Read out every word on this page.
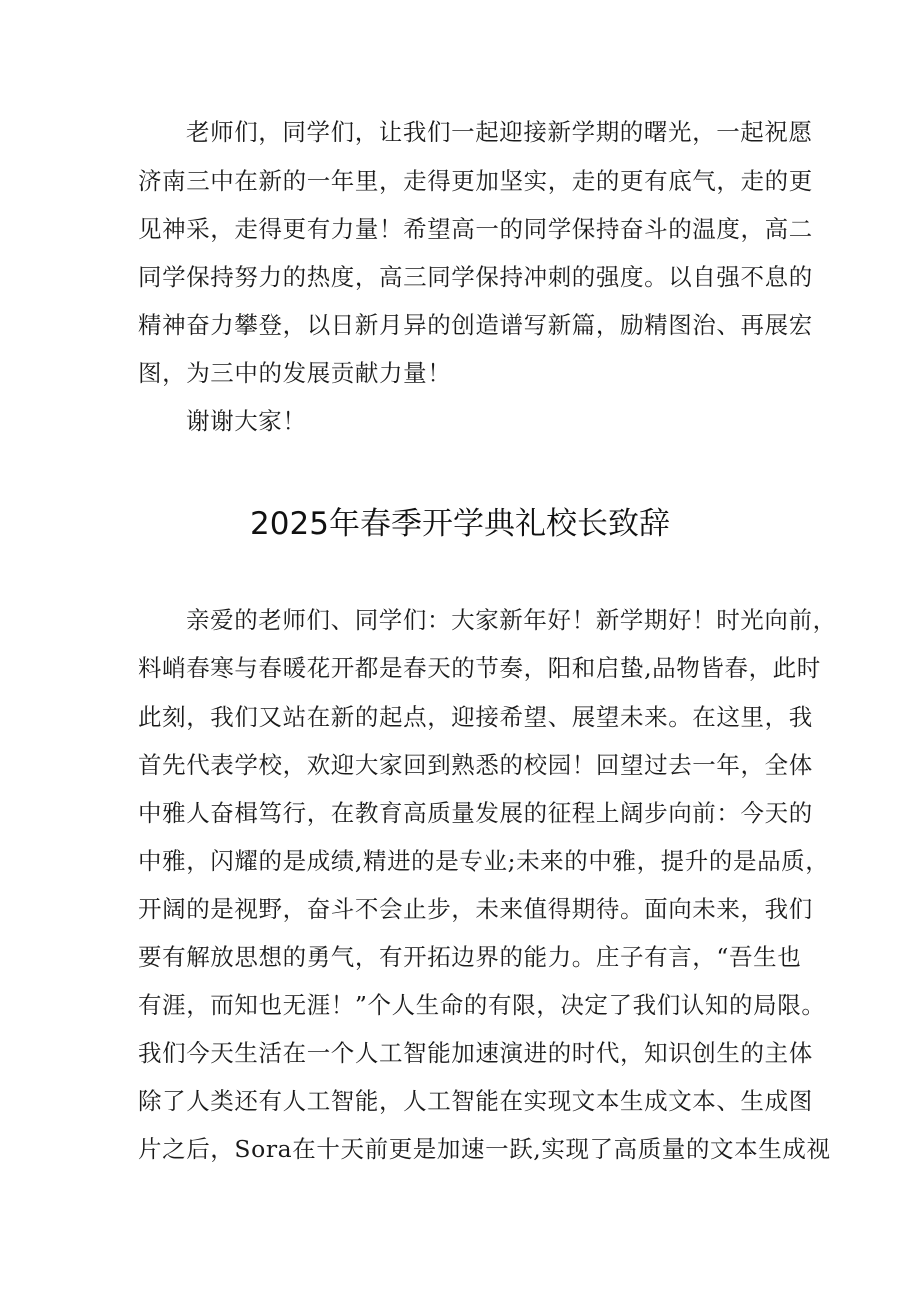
老师们，同学们，让我们一起迎接新学期的曙光，一起祝愿
济南三中在新的一年里，走得更加坚实，走的更有底气，走的更
见神采，走得更有力量！希望高一的同学保持奋斗的温度，高二
同学保持努力的热度，高三同学保持冲刺的强度。以自强不息的
精神奋力攀登，以日新月异的创造谱写新篇，励精图治、再展宏
图，为三中的发展贡献力量！
谢谢大家！
2025年春季开学典礼校长致辞
亲爱的老师们、同学们：大家新年好！新学期好！时光向前，
料峭春寒与春暖花开都是春天的节奏，阳和启蛰,品物皆春，此时
此刻，我们又站在新的起点，迎接希望、展望未来。在这里，我
首先代表学校，欢迎大家回到熟悉的校园！回望过去一年，全体
中雅人奋楫笃行，在教育高质量发展的征程上阔步向前：今天的
中雅，闪耀的是成绩,精进的是专业;未来的中雅，提升的是品质，
开阔的是视野，奋斗不会止步，未来值得期待。面向未来，我们
要有解放思想的勇气，有开拓边界的能力。庄子有言，“吾生也
有涯，而知也无涯！”个人生命的有限，决定了我们认知的局限。
我们今天生活在一个人工智能加速演进的时代，知识创生的主体
除了人类还有人工智能，人工智能在实现文本生成文本、生成图
片之后，Sora在十天前更是加速一跃,实现了高质量的文本生成视
